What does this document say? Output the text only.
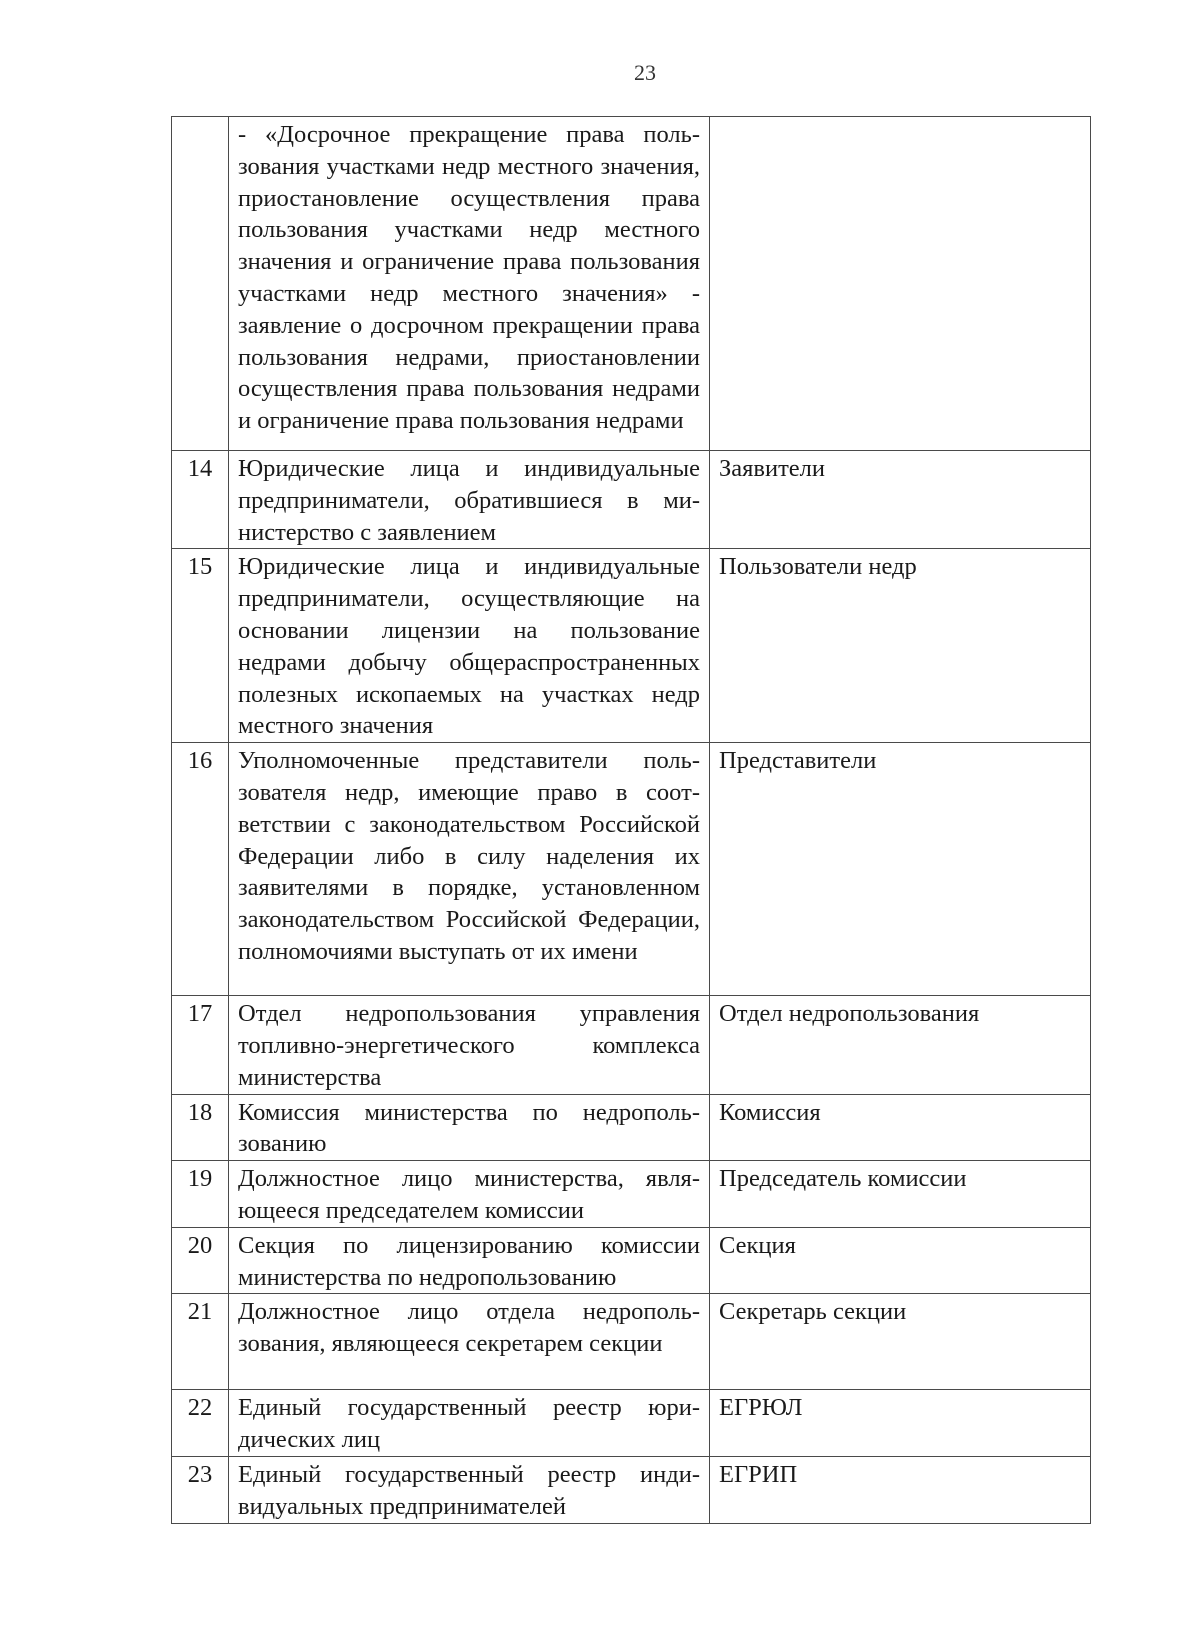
23
	- «Досрочное прекращение права пользования участками недр местного значения, приостановление осуществления права пользования участками недр местного значения и ограничение права пользования участками недр местного значения» - заявление о досрочном прекращении права пользования недрами, приостановлении осуществления права пользования недрами и ограничение права пользования недрами	
14	Юридические лица и индивидуальные предприниматели, обратившиеся в министерство с заявлением	Заявители
15	Юридические лица и индивидуальные предприниматели, осуществляющие на основании лицензии на пользование недрами добычу общераспространенных полезных ископаемых на участках недр местного значения	Пользователи недр
16	Уполномоченные представители пользователя недр, имеющие право в соответствии с законодательством Российской Федерации либо в силу наделения их заявителями в порядке, установленном законодательством Российской Федерации, полномочиями выступать от их имени	Представители
17	Отдел недропользования управления топливно-энергетического комплекса министерства	Отдел недропользования
18	Комиссия министерства по недропользованию	Комиссия
19	Должностное лицо министерства, являющееся председателем комиссии	Председатель комиссии
20	Секция по лицензированию комиссии министерства по недропользованию	Секция
21	Должностное лицо отдела недропользования, являющееся секретарем секции	Секретарь секции
22	Единый государственный реестр юридических лиц	ЕГРЮЛ
23	Единый государственный реестр индивидуальных предпринимателей	ЕГРИП
